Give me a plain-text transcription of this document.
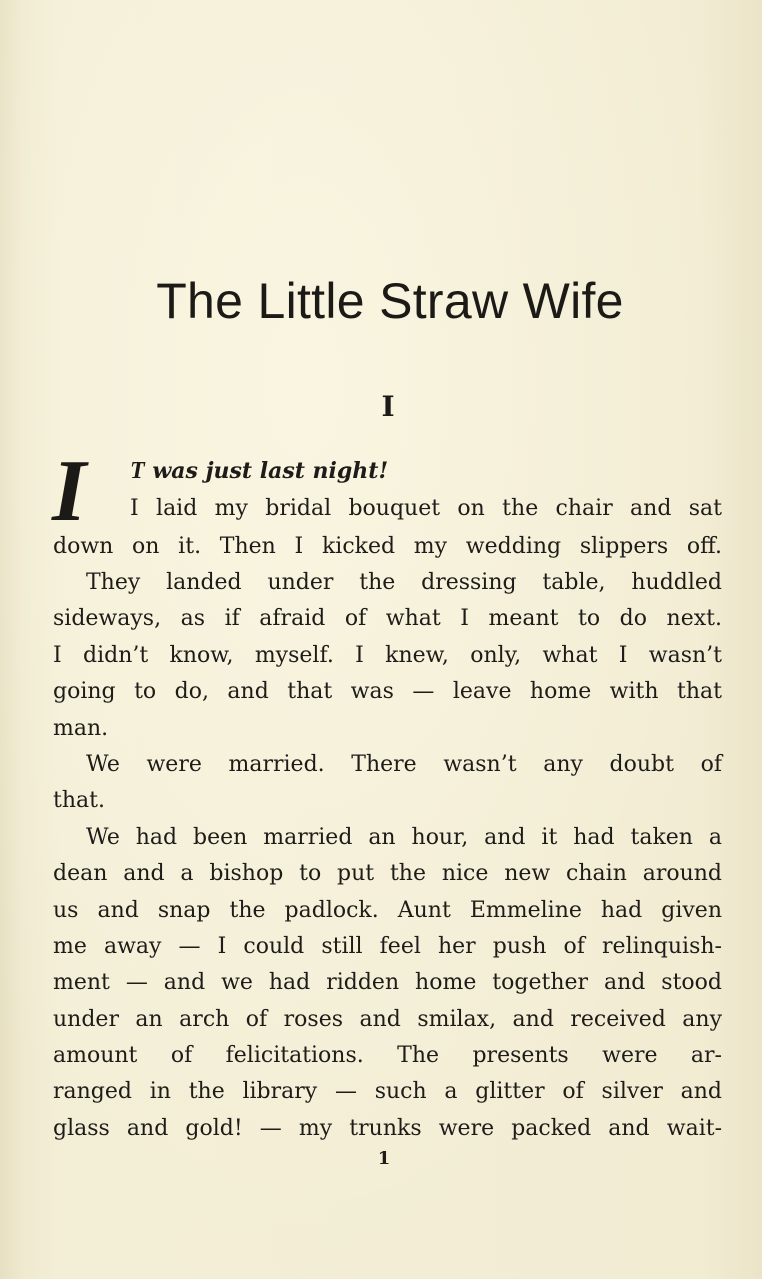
The Little Straw Wife
I
I T was just last night!
I laid my bridal bouquet on the chair and sat
down on it. Then I kicked my wedding slippers off.
They landed under the dressing table, huddled
sideways, as if afraid of what I meant to do next.
I didn’t know, myself. I knew, only, what I wasn’t
going to do, and that was — leave home with that
man.
We were married. There wasn’t any doubt of
that.
We had been married an hour, and it had taken a
dean and a bishop to put the nice new chain around
us and snap the padlock. Aunt Emmeline had given
me away — I could still feel her push of relinquish-
ment — and we had ridden home together and stood
under an arch of roses and smilax, and received any
amount of felicitations. The presents were ar-
ranged in the library — such a glitter of silver and
glass and gold! — my trunks were packed and wait-
1
